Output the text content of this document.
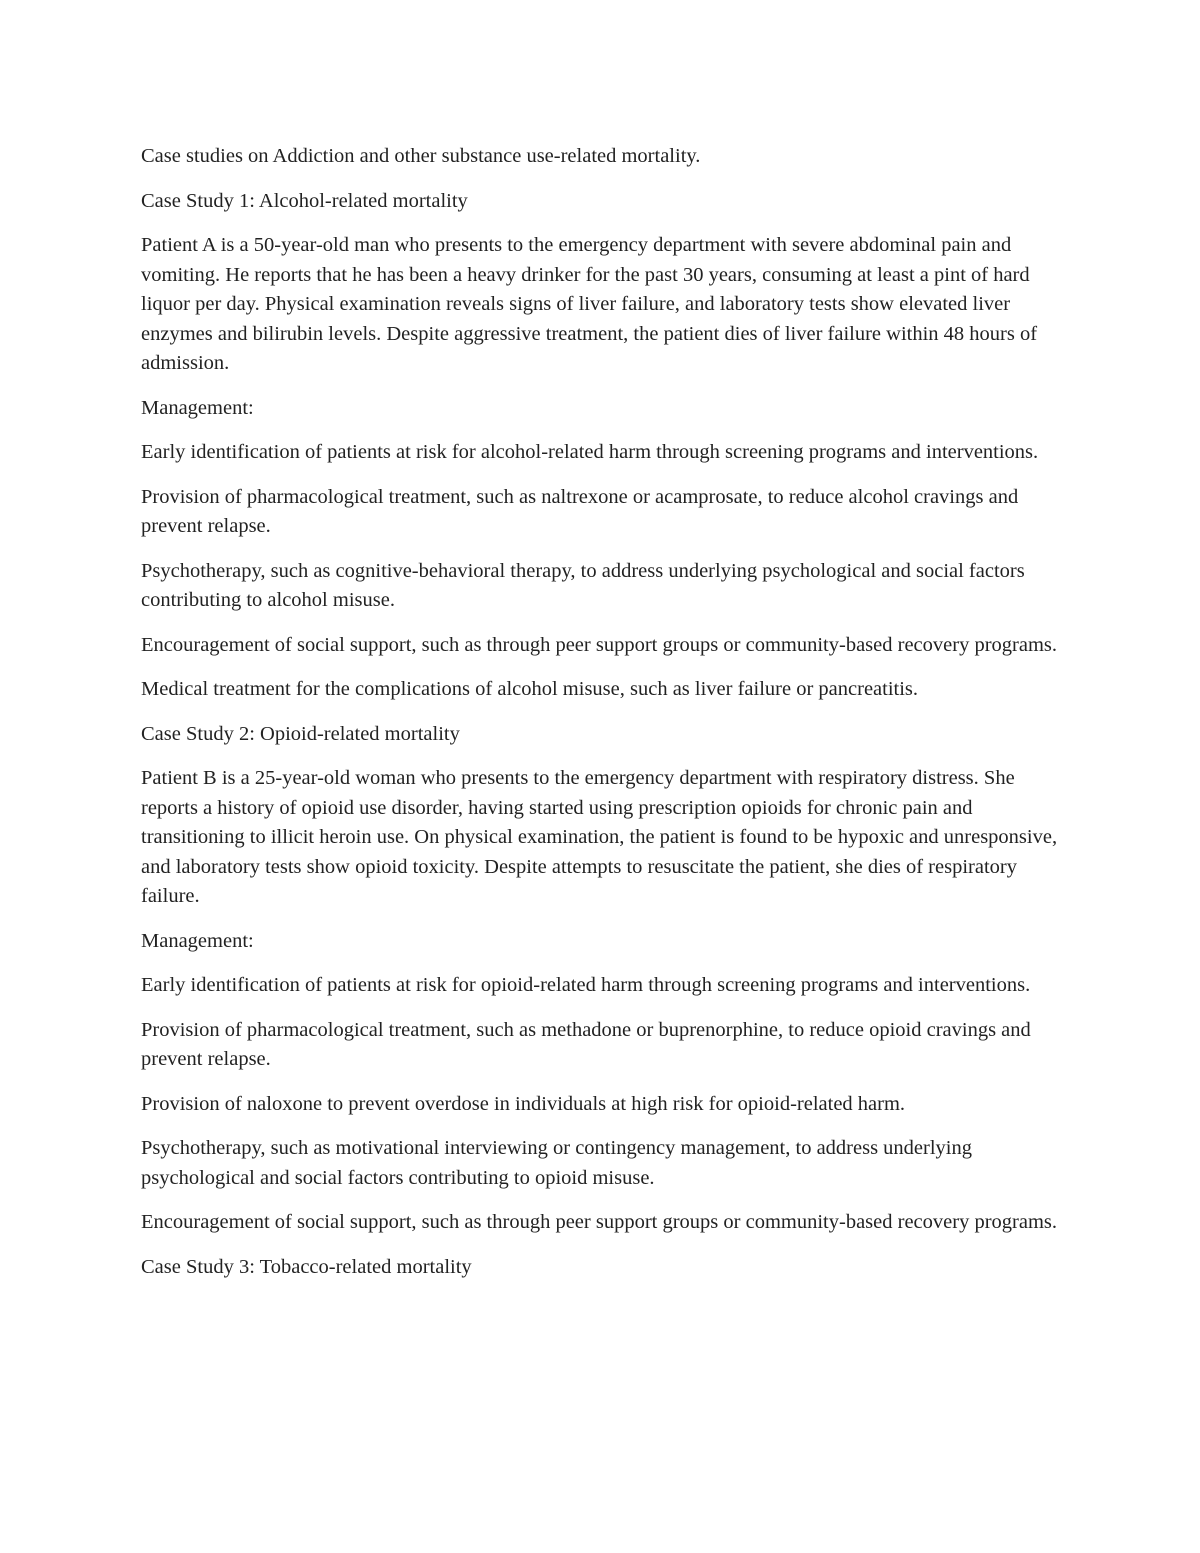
Case studies on Addiction and other substance use-related mortality.

Case Study 1: Alcohol-related mortality

Patient A is a 50-year-old man who presents to the emergency department with severe abdominal pain and vomiting. He reports that he has been a heavy drinker for the past 30 years, consuming at least a pint of hard liquor per day. Physical examination reveals signs of liver failure, and laboratory tests show elevated liver enzymes and bilirubin levels. Despite aggressive treatment, the patient dies of liver failure within 48 hours of admission.

Management:

Early identification of patients at risk for alcohol-related harm through screening programs and interventions.

Provision of pharmacological treatment, such as naltrexone or acamprosate, to reduce alcohol cravings and prevent relapse.

Psychotherapy, such as cognitive-behavioral therapy, to address underlying psychological and social factors contributing to alcohol misuse.

Encouragement of social support, such as through peer support groups or community-based recovery programs.

Medical treatment for the complications of alcohol misuse, such as liver failure or pancreatitis.

Case Study 2: Opioid-related mortality

Patient B is a 25-year-old woman who presents to the emergency department with respiratory distress. She reports a history of opioid use disorder, having started using prescription opioids for chronic pain and transitioning to illicit heroin use. On physical examination, the patient is found to be hypoxic and unresponsive, and laboratory tests show opioid toxicity. Despite attempts to resuscitate the patient, she dies of respiratory failure.

Management:

Early identification of patients at risk for opioid-related harm through screening programs and interventions.

Provision of pharmacological treatment, such as methadone or buprenorphine, to reduce opioid cravings and prevent relapse.

Provision of naloxone to prevent overdose in individuals at high risk for opioid-related harm.

Psychotherapy, such as motivational interviewing or contingency management, to address underlying psychological and social factors contributing to opioid misuse.

Encouragement of social support, such as through peer support groups or community-based recovery programs.

Case Study 3: Tobacco-related mortality
